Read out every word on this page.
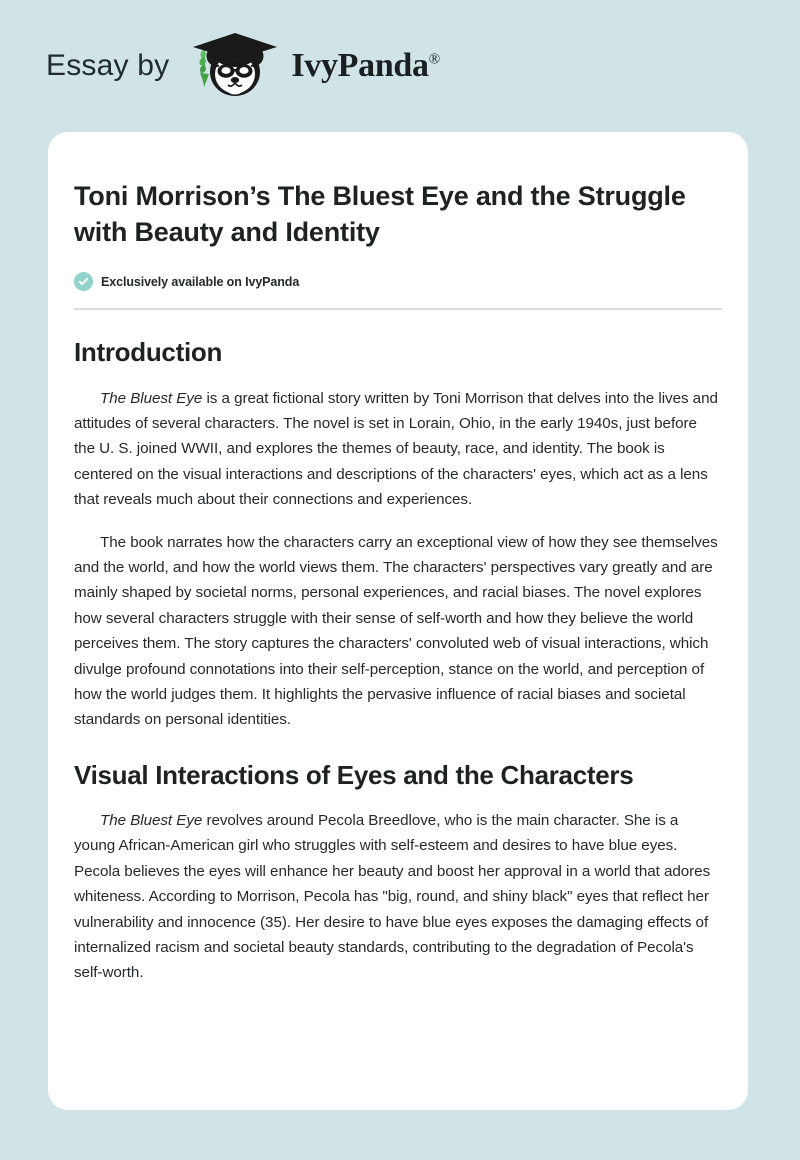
Essay by	IvyPanda®
Toni Morrison’s The Bluest Eye and the Struggle with Beauty and Identity
Exclusively available on IvyPanda
Introduction

The Bluest Eye is a great fictional story written by Toni Morrison that delves into the lives and attitudes of several characters. The novel is set in Lorain, Ohio, in the early 1940s, just before the U. S. joined WWII, and explores the themes of beauty, race, and identity. The book is centered on the visual interactions and descriptions of the characters' eyes, which act as a lens that reveals much about their connections and experiences.

The book narrates how the characters carry an exceptional view of how they see themselves and the world, and how the world views them. The characters' perspectives vary greatly and are mainly shaped by societal norms, personal experiences, and racial biases. The novel explores how several characters struggle with their sense of self-worth and how they believe the world perceives them. The story captures the characters' convoluted web of visual interactions, which divulge profound connotations into their self-perception, stance on the world, and perception of how the world judges them. It highlights the pervasive influence of racial biases and societal standards on personal identities.

Visual Interactions of Eyes and the Characters

The Bluest Eye revolves around Pecola Breedlove, who is the main character. She is a young African-American girl who struggles with self-esteem and desires to have blue eyes. Pecola believes the eyes will enhance her beauty and boost her approval in a world that adores whiteness. According to Morrison, Pecola has "big, round, and shiny black" eyes that reflect her vulnerability and innocence (35). Her desire to have blue eyes exposes the damaging effects of internalized racism and societal beauty standards, contributing to the degradation of Pecola's self-worth.
